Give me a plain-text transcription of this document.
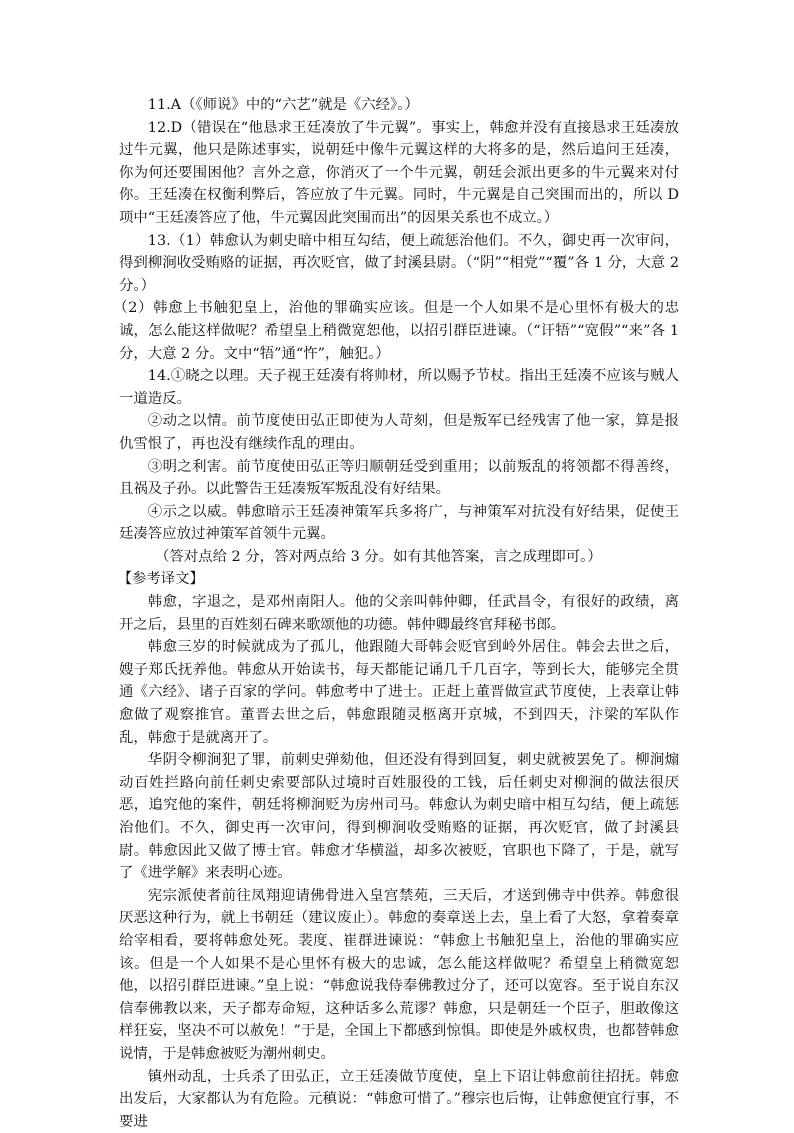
11.A（《师说》中的“六艺”就是《六经》。）

12.D（错误在“他恳求王廷凑放了牛元翼”。事实上，韩愈并没有直接恳求王廷凑放过牛元翼，他只是陈述事实，说朝廷中像牛元翼这样的大将多的是，然后追问王廷凑，你为何还要围困他？言外之意，你消灭了一个牛元翼，朝廷会派出更多的牛元翼来对付你。王廷凑在权衡利弊后，答应放了牛元翼。同时，牛元翼是自己突围而出的，所以 D 项中“王廷凑答应了他，牛元翼因此突围而出”的因果关系也不成立。）

13.（1）韩愈认为刺史暗中相互勾结，便上疏惩治他们。不久，御史再一次审问，得到柳涧收受贿赂的证据，再次贬官，做了封溪县尉。（“阴”“相党”“覆”各 1 分，大意 2 分。）

（2）韩愈上书触犯皇上，治他的罪确实应该。但是一个人如果不是心里怀有极大的忠诚，怎么能这样做呢？希望皇上稍微宽恕他，以招引群臣进谏。（“讦牾”“宽假”“来”各 1 分，大意 2 分。文中“牾”通“忤”，触犯。）

14.①晓之以理。天子视王廷凑有将帅材，所以赐予节杖。指出王廷凑不应该与贼人一道造反。

②动之以情。前节度使田弘正即使为人苛刻，但是叛军已经残害了他一家，算是报仇雪恨了，再也没有继续作乱的理由。

③明之利害。前节度使田弘正等归顺朝廷受到重用；以前叛乱的将领都不得善终，且祸及子孙。以此警告王廷凑叛军叛乱没有好结果。

④示之以威。韩愈暗示王廷凑神策军兵多将广，与神策军对抗没有好结果，促使王廷凑答应放过神策军首领牛元翼。

（答对点给 2 分，答对两点给 3 分。如有其他答案，言之成理即可。）

【参考译文】

韩愈，字退之，是邓州南阳人。他的父亲叫韩仲卿，任武昌令，有很好的政绩，离开之后，县里的百姓刻石碑来歌颂他的功德。韩仲卿最终官拜秘书郎。

韩愈三岁的时候就成为了孤儿，他跟随大哥韩会贬官到岭外居住。韩会去世之后，嫂子郑氏抚养他。韩愈从开始读书，每天都能记诵几千几百字，等到长大，能够完全贯通《六经》、诸子百家的学问。韩愈考中了进士。正赶上董晋做宣武节度使，上表章让韩愈做了观察推官。董晋去世之后，韩愈跟随灵柩离开京城，不到四天，汴梁的军队作乱，韩愈于是就离开了。

华阴令柳涧犯了罪，前刺史弹劾他，但还没有得到回复，刺史就被罢免了。柳涧煽动百姓拦路向前任刺史索要部队过境时百姓服役的工钱，后任刺史对柳涧的做法很厌恶，追究他的案件，朝廷将柳涧贬为房州司马。韩愈认为刺史暗中相互勾结，便上疏惩治他们。不久，御史再一次审问，得到柳涧收受贿赂的证据，再次贬官，做了封溪县尉。韩愈因此又做了博士官。韩愈才华横溢，却多次被贬，官职也下降了，于是，就写了《进学解》来表明心迹。

宪宗派使者前往凤翔迎请佛骨进入皇宫禁苑，三天后，才送到佛寺中供养。韩愈很厌恶这种行为，就上书朝廷（建议废止）。韩愈的奏章送上去，皇上看了大怒，拿着奏章给宰相看，要将韩愈处死。裴度、崔群进谏说：“韩愈上书触犯皇上，治他的罪确实应该。但是一个人如果不是心里怀有极大的忠诚，怎么能这样做呢？希望皇上稍微宽恕他，以招引群臣进谏。”皇上说：“韩愈说我侍奉佛教过分了，还可以宽容。至于说自东汉信奉佛教以来，天子都寿命短，这种话多么荒谬？韩愈，只是朝廷一个臣子，胆敢像这样狂妄，坚决不可以赦免！”于是，全国上下都感到惊惧。即使是外戚权贵，也都替韩愈说情，于是韩愈被贬为潮州刺史。

镇州动乱，士兵杀了田弘正，立王廷凑做节度使，皇上下诏让韩愈前往招抚。韩愈出发后，大家都认为有危险。元稹说：“韩愈可惜了。”穆宗也后悔，让韩愈便宜行事，不要进
